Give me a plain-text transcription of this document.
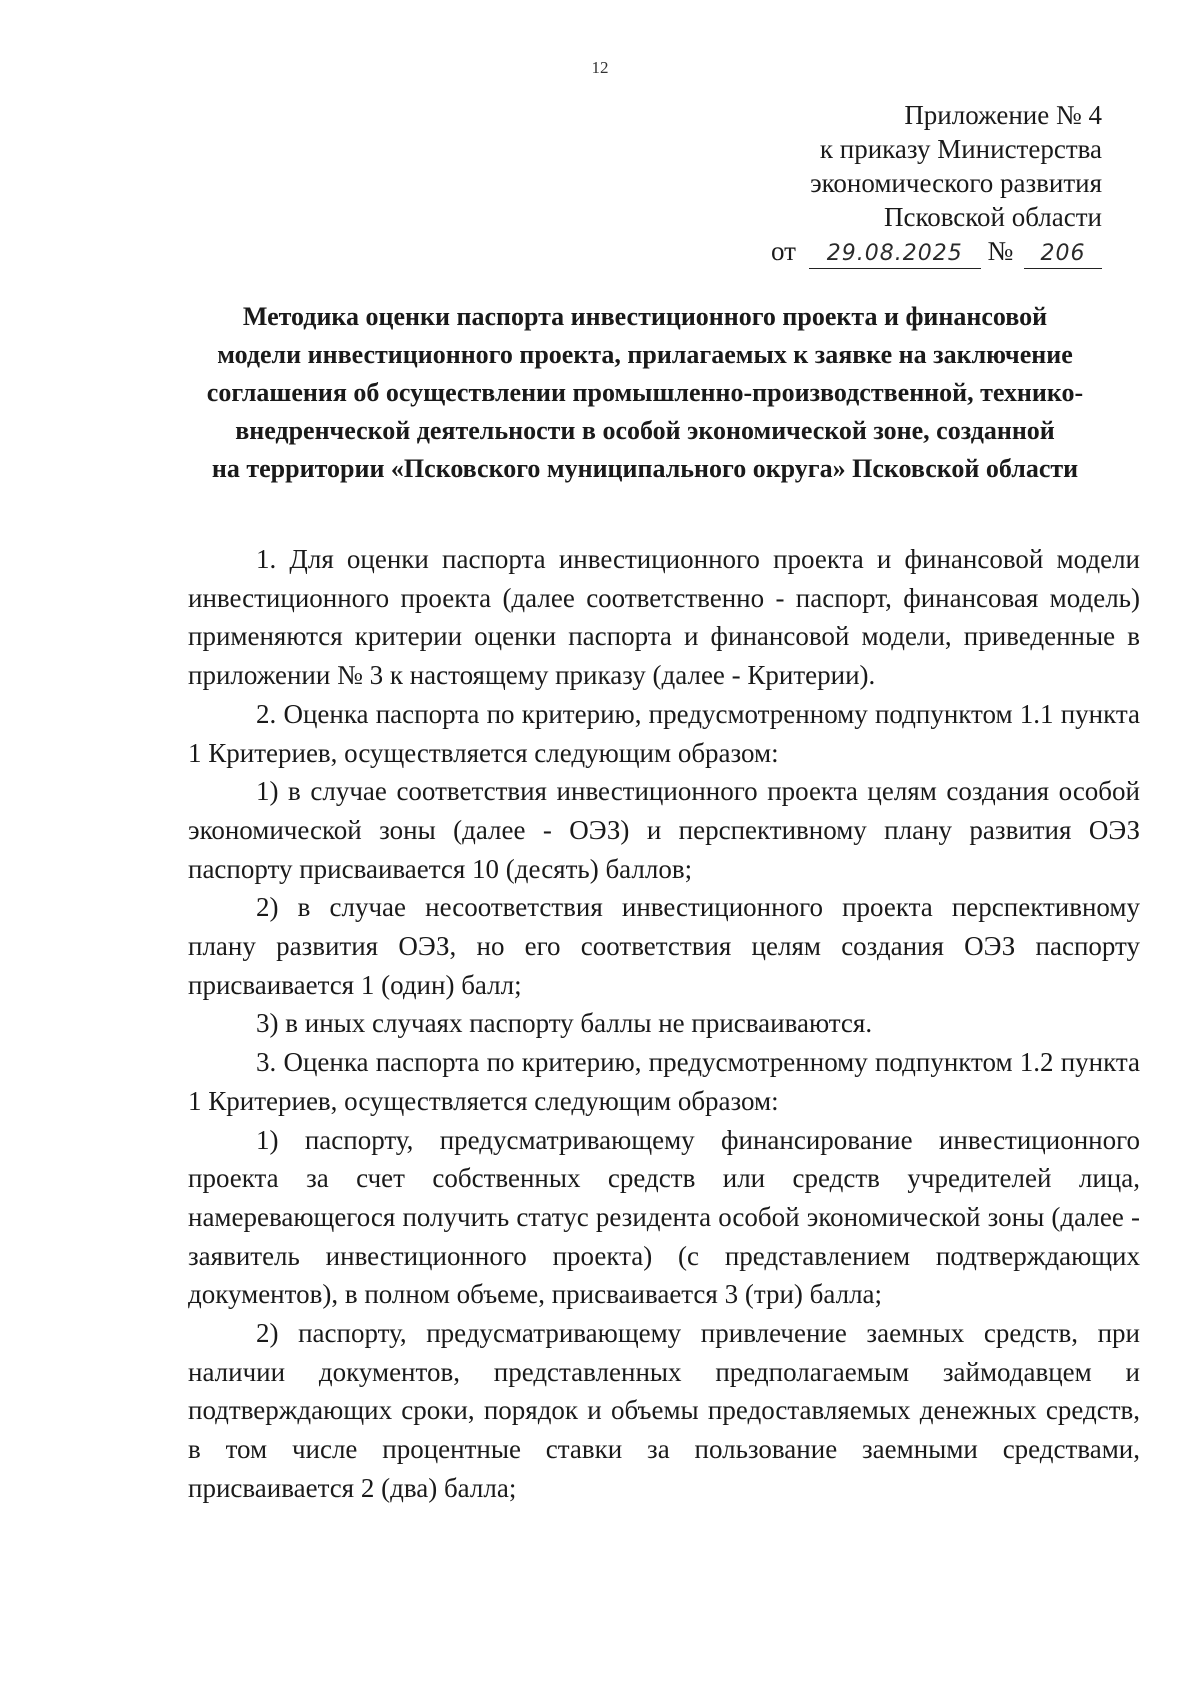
12
Приложение № 4
к приказу Министерства
экономического развития
Псковской области
от 29.08.2025 № 206
Методика оценки паспорта инвестиционного проекта и финансовой
модели инвестиционного проекта, прилагаемых к заявке на заключение
соглашения об осуществлении промышленно-производственной, технико-
внедренческой деятельности в особой экономической зоне, созданной
на территории «Псковского муниципального округа» Псковской области

1. Для оценки паспорта инвестиционного проекта и финансовой модели инвестиционного проекта (далее соответственно - паспорт, финансовая модель) применяются критерии оценки паспорта и финансовой модели, приведенные в приложении № 3 к настоящему приказу (далее - Критерии).

2. Оценка паспорта по критерию, предусмотренному подпунктом 1.1 пункта 1 Критериев, осуществляется следующим образом:

1) в случае соответствия инвестиционного проекта целям создания особой экономической зоны (далее - ОЭЗ) и перспективному плану развития ОЭЗ паспорту присваивается 10 (десять) баллов;

2) в случае несоответствия инвестиционного проекта перспективному плану развития ОЭЗ, но его соответствия целям создания ОЭЗ паспорту присваивается 1 (один) балл;

3) в иных случаях паспорту баллы не присваиваются.

3. Оценка паспорта по критерию, предусмотренному подпунктом 1.2 пункта 1 Критериев, осуществляется следующим образом:

1) паспорту, предусматривающему финансирование инвестиционного проекта за счет собственных средств или средств учредителей лица, намеревающегося получить статус резидента особой экономической зоны (далее - заявитель инвестиционного проекта) (с представлением подтверждающих документов), в полном объеме, присваивается 3 (три) балла;

2) паспорту, предусматривающему привлечение заемных средств, при наличии документов, представленных предполагаемым займодавцем и подтверждающих сроки, порядок и объемы предоставляемых денежных средств, в том числе процентные ставки за пользование заемными средствами, присваивается 2 (два) балла;
